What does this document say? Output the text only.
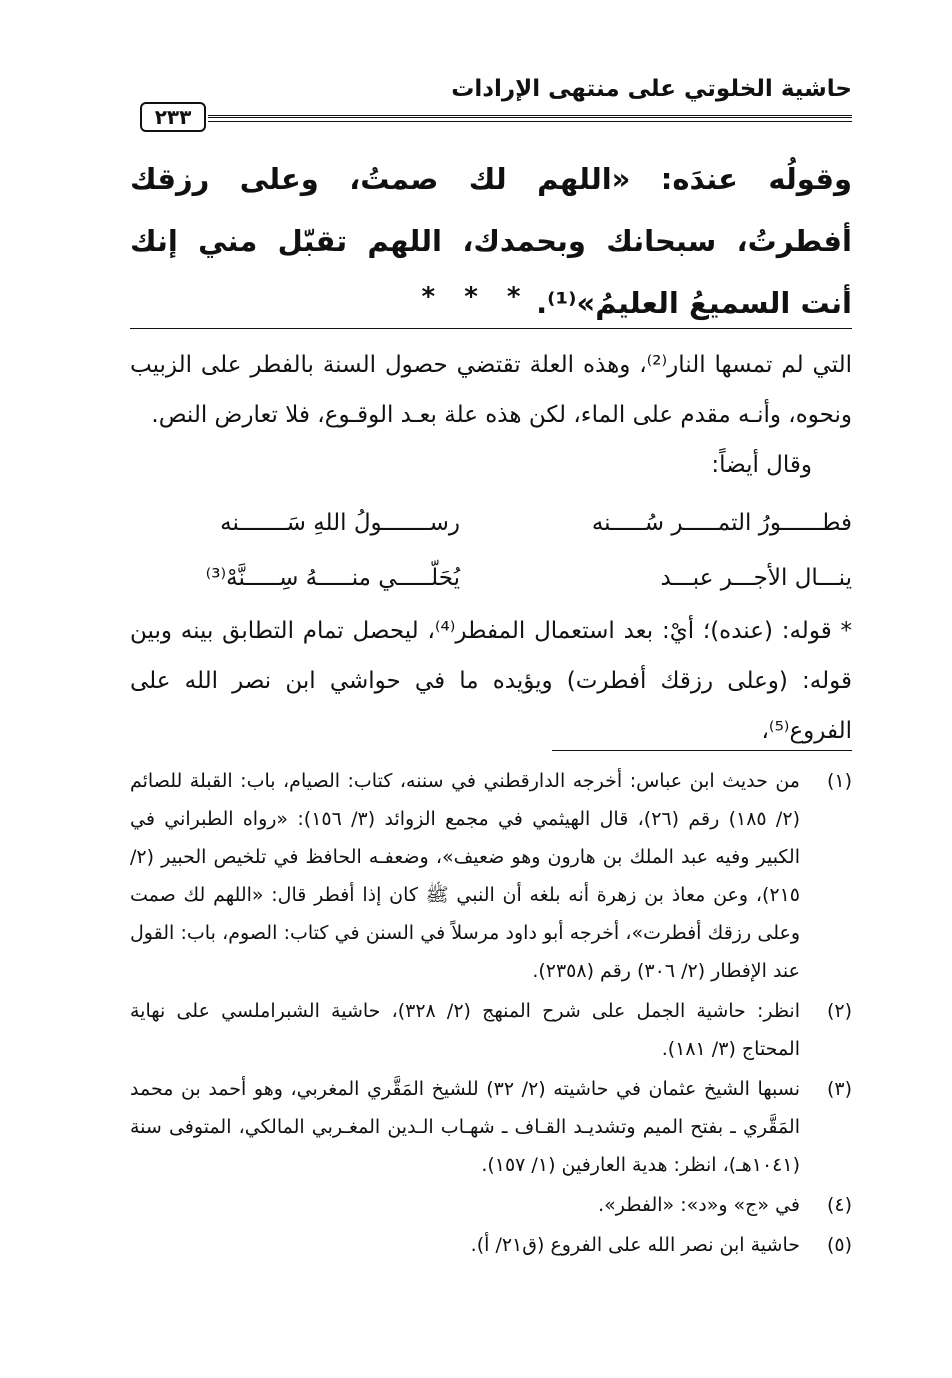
حاشية الخلوتي على منتهى الإرادات
٢٣٣
وقولُه عندَه: «اللهم لك صمتُ، وعلى رزقك أفطرتُ، سبحانك وبحمدك، اللهم تقبّل مني إنك أنت السميعُ العليمُ»⁽¹⁾.
* * *

التي لم تمسها النار⁽²⁾، وهذه العلة تقتضي حصول السنة بالفطر على الزبيب ونحوه، وأنـه مقدم على الماء، لكن هذه علة بعـد الوقـوع، فلا تعارض النص.

وقال أيضاً:

فطــــــورُ التمـــــر سُـــــنه
رســـــــولُ اللهِ سَـــــــنه
ينـــال الأجـــر عبـــد
يُحَلّـــــي منـــــهُ سِـــــنَّهْ⁽³⁾

* قوله: (عنده)؛ أيْ: بعد استعمال المفطر⁽⁴⁾، ليحصل تمام التطابق بينه وبين قوله: (وعلى رزقك أفطرت) ويؤيده ما في حواشي ابن نصر الله على الفروع⁽⁵⁾،

(١)
من حديث ابن عباس: أخرجه الدارقطني في سننه، كتاب: الصيام، باب: القبلة للصائم (٢/ ١٨٥) رقم (٢٦)، قال الهيثمي في مجمع الزوائد (٣/ ١٥٦): «رواه الطبراني في الكبير وفيه عبد الملك بن هارون وهو ضعيف»، وضعفـه الحافظ في تلخيص الحبير (٢/ ٢١٥)، وعن معاذ بن زهرة أنه بلغه أن النبي ﷺ كان إذا أفطر قال: «اللهم لك صمت وعلى رزقك أفطرت»، أخرجه أبو داود مرسلاً في السنن في كتاب: الصوم، باب: القول عند الإفطار (٢/ ٣٠٦) رقم (٢٣٥٨).
(٢)
انظر: حاشية الجمل على شرح المنهج (٢/ ٣٢٨)، حاشية الشبراملسي على نهاية المحتاج (٣/ ١٨١).
(٣)
نسبها الشيخ عثمان في حاشيته (٢/ ٣٢) للشيخ المَقَّري المغربي، وهو أحمد بن محمد المَقَّري ـ بفتح الميم وتشديـد القـاف ـ شهـاب الـدين المغـربي المالكي، المتوفى سنة (١٠٤١هـ)، انظر: هدية العارفين (١/ ١٥٧).
(٤)
في «ج» و«د»: «الفطر».
(٥)
حاشية ابن نصر الله على الفروع (ق٢١/ أ).
